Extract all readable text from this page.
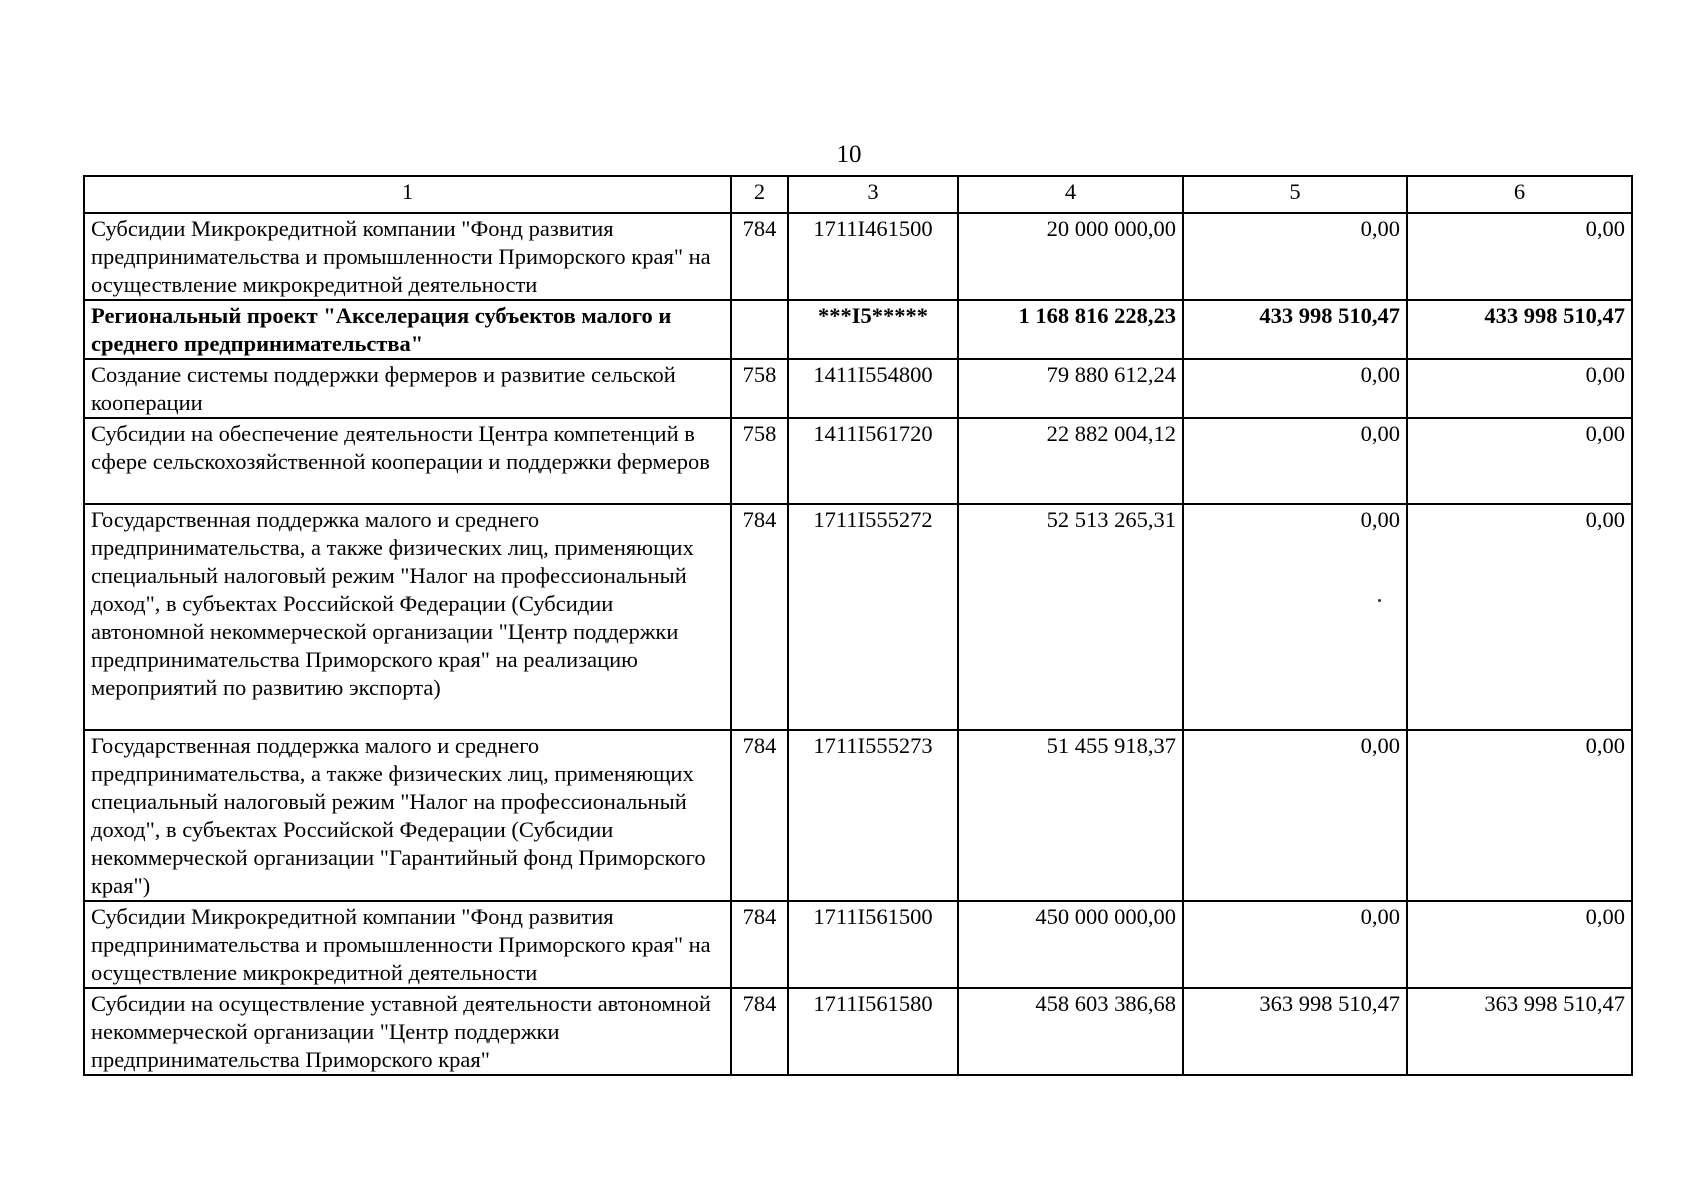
10
1	2	3	4	5	6
Субсидии Микрокредитной компании "Фонд развития предпринимательства и промышленности Приморского края" на осуществление микрокредитной деятельности	784	1711I461500	20 000 000,00	0,00	0,00
Региональный проект "Акселерация субъектов малого и среднего предпринимательства"		***I5*****	1 168 816 228,23	433 998 510,47	433 998 510,47
Создание системы поддержки фермеров и развитие сельской кооперации	758	1411I554800	79 880 612,24	0,00	0,00
Субсидии на обеспечение деятельности Центра компетенций в сфере сельскохозяйственной кооперации и поддержки фермеров	758	1411I561720	22 882 004,12	0,00	0,00
Государственная поддержка малого и среднего предпринимательства, а также физических лиц, применяющих специальный налоговый режим "Налог на профессиональный доход", в субъектах Российской Федерации (Субсидии автономной некоммерческой организации "Центр поддержки предпринимательства Приморского края" на реализацию мероприятий по развитию экспорта)	784	1711I555272	52 513 265,31	0,00	0,00
Государственная поддержка малого и среднего предпринимательства, а также физических лиц, применяющих специальный налоговый режим "Налог на профессиональный доход", в субъектах Российской Федерации (Субсидии некоммерческой организации "Гарантийный фонд Приморского края")	784	1711I555273	51 455 918,37	0,00	0,00
Субсидии Микрокредитной компании "Фонд развития предпринимательства и промышленности Приморского края" на осуществление микрокредитной деятельности	784	1711I561500	450 000 000,00	0,00	0,00
Субсидии на осуществление уставной деятельности автономной некоммерческой организации "Центр поддержки предпринимательства Приморского края"	784	1711I561580	458 603 386,68	363 998 510,47	363 998 510,47
